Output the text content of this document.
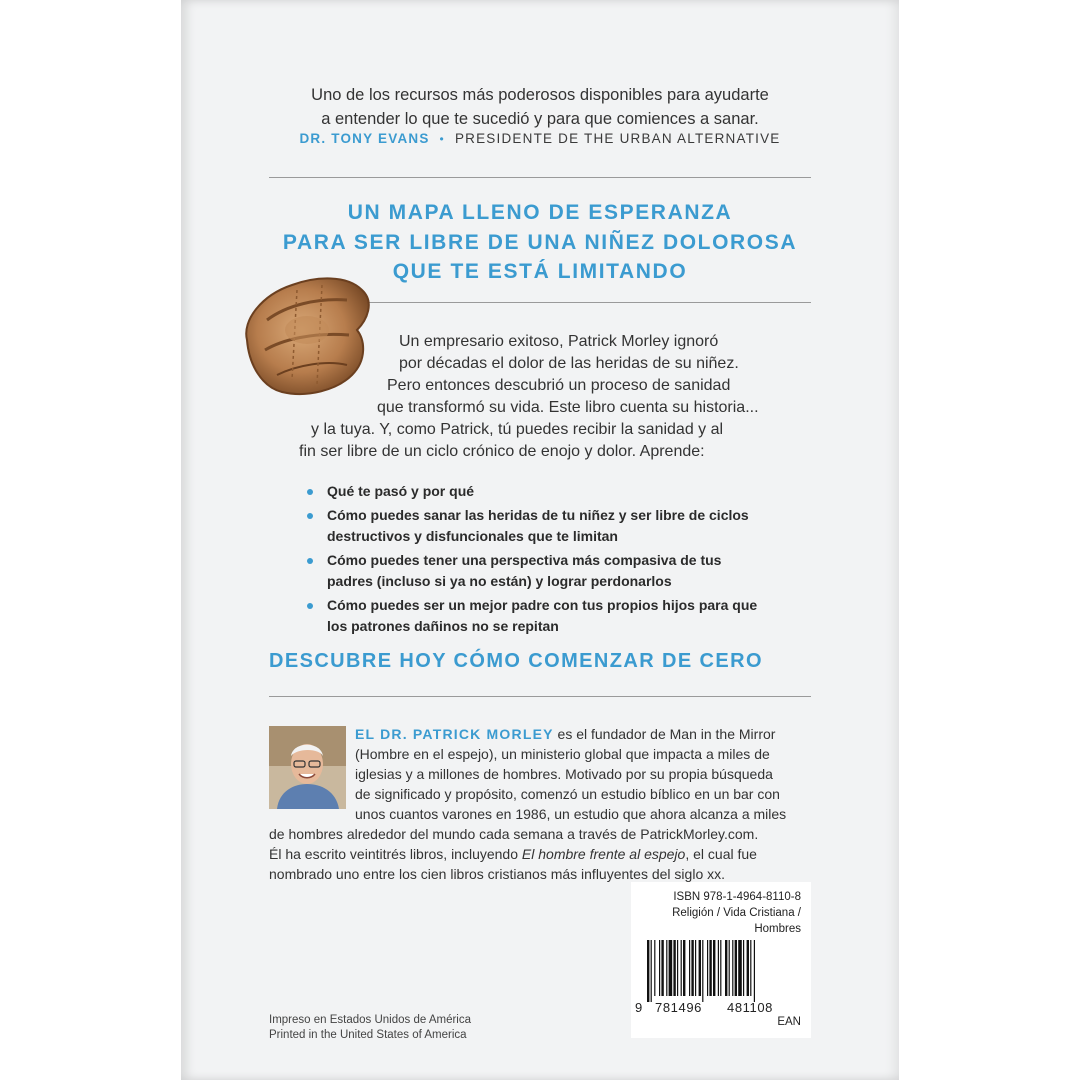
Uno de los recursos más poderosos disponibles para ayudarte
a entender lo que te sucedió y para que comiences a sanar.
DR. TONY EVANS • PRESIDENTE DE THE URBAN ALTERNATIVE
UN MAPA LLENO DE ESPERANZA
PARA SER LIBRE DE UNA NIÑEZ DOLOROSA
QUE TE ESTÁ LIMITANDO
Un empresario exitoso, Patrick Morley ignoró
por décadas el dolor de las heridas de su niñez.
Pero entonces descubrió un proceso de sanidad
que transformó su vida. Este libro cuenta su historia...
y la tuya. Y, como Patrick, tú puedes recibir la sanidad y al
fin ser libre de un ciclo crónico de enojo y dolor. Aprende:
Qué te pasó y por qué
Cómo puedes sanar las heridas de tu niñez y ser libre de ciclos
destructivos y disfuncionales que te limitan
Cómo puedes tener una perspectiva más compasiva de tus
padres (incluso si ya no están) y lograr perdonarlos
Cómo puedes ser un mejor padre con tus propios hijos para que
los patrones dañinos no se repitan
DESCUBRE HOY CÓMO COMENZAR DE CERO
EL DR. PATRICK MORLEY es el fundador de Man in the Mirror
(Hombre en el espejo), un ministerio global que impacta a miles de
iglesias y a millones de hombres. Motivado por su propia búsqueda
de significado y propósito, comenzó un estudio bíblico en un bar con
unos cuantos varones en 1986, un estudio que ahora alcanza a miles
de hombres alrededor del mundo cada semana a través de PatrickMorley.com.
Él ha escrito veintitrés libros, incluyendo El hombre frente al espejo, el cual fue
nombrado uno entre los cien libros cristianos más influyentes del siglo xx.
ISBN 978-1-4964-8110-8
Religión / Vida Cristiana /
Hombres
9 781496 481108
EAN
Impreso en Estados Unidos de América
Printed in the United States of America
